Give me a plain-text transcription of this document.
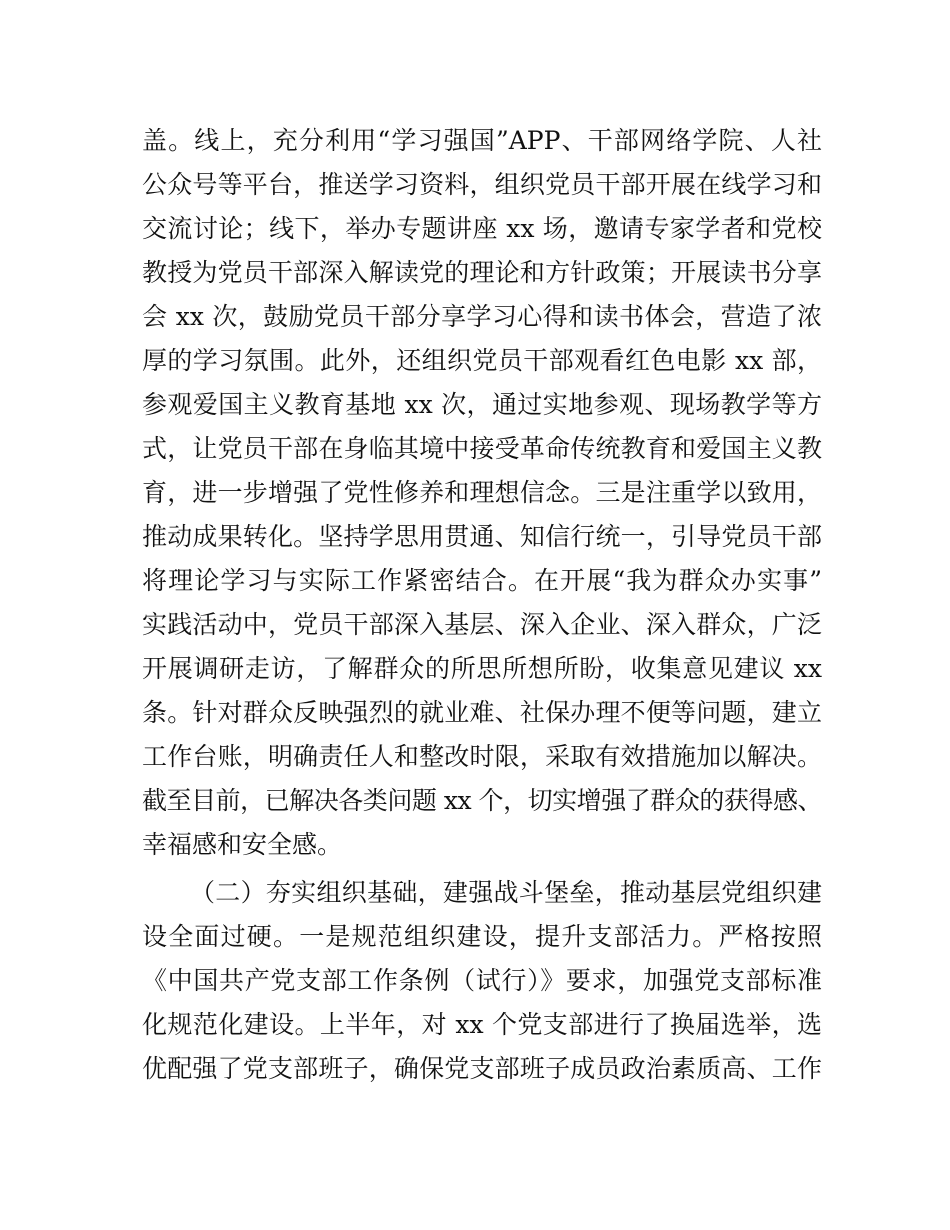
盖。线上，充分利用“学习强国”APP、干部网络学院、人社
公众号等平台，推送学习资料，组织党员干部开展在线学习和
交流讨论；线下，举办专题讲座 xx 场，邀请专家学者和党校
教授为党员干部深入解读党的理论和方针政策；开展读书分享
会 xx 次，鼓励党员干部分享学习心得和读书体会，营造了浓
厚的学习氛围。此外，还组织党员干部观看红色电影 xx 部，
参观爱国主义教育基地 xx 次，通过实地参观、现场教学等方
式，让党员干部在身临其境中接受革命传统教育和爱国主义教
育，进一步增强了党性修养和理想信念。三是注重学以致用，
推动成果转化。坚持学思用贯通、知信行统一，引导党员干部
将理论学习与实际工作紧密结合。在开展“我为群众办实事”
实践活动中，党员干部深入基层、深入企业、深入群众，广泛
开展调研走访，了解群众的所思所想所盼，收集意见建议 xx
条。针对群众反映强烈的就业难、社保办理不便等问题，建立
工作台账，明确责任人和整改时限，采取有效措施加以解决。
截至目前，已解决各类问题 xx 个，切实增强了群众的获得感、
幸福感和安全感。
（二）夯实组织基础，建强战斗堡垒，推动基层党组织建
设全面过硬。一是规范组织建设，提升支部活力。严格按照
《中国共产党支部工作条例（试行）》要求，加强党支部标准
化规范化建设。上半年，对 xx 个党支部进行了换届选举，选
优配强了党支部班子，确保党支部班子成员政治素质高、工作
